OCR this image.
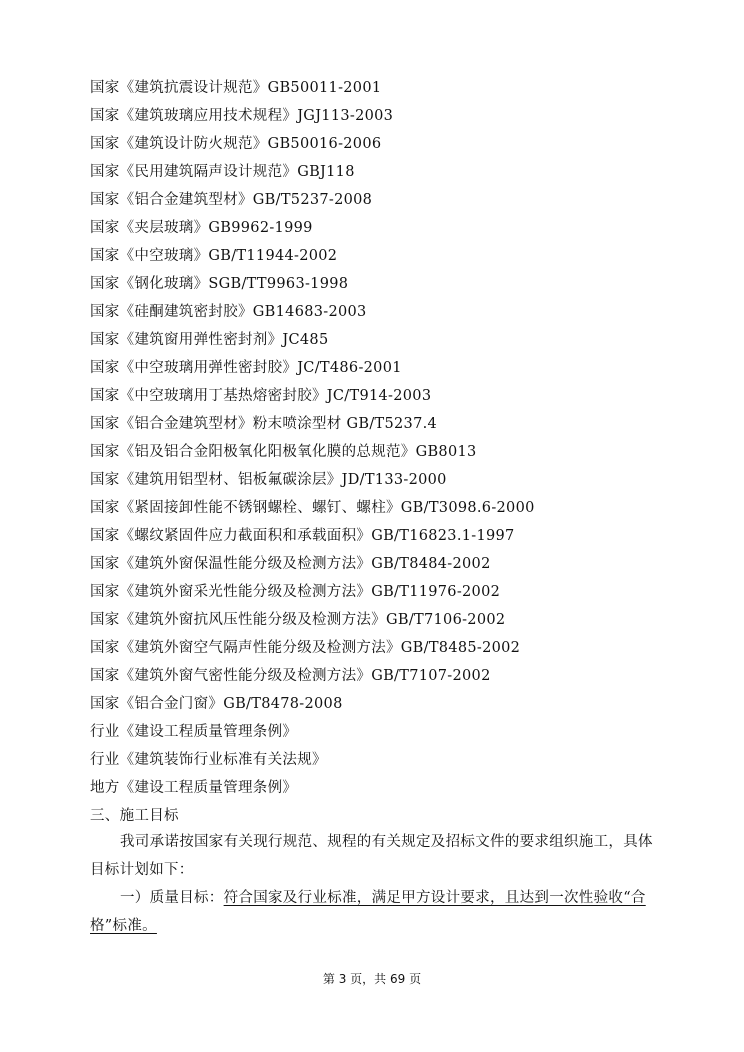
国家《建筑抗震设计规范》GB50011-2001
国家《建筑玻璃应用技术规程》JGJ113-2003
国家《建筑设计防火规范》GB50016-2006
国家《民用建筑隔声设计规范》GBJ118
国家《铝合金建筑型材》GB/T5237-2008
国家《夹层玻璃》GB9962-1999
国家《中空玻璃》GB/T11944-2002
国家《钢化玻璃》SGB/TT9963-1998
国家《硅酮建筑密封胶》GB14683-2003
国家《建筑窗用弹性密封剂》JC485
国家《中空玻璃用弹性密封胶》JC/T486-2001
国家《中空玻璃用丁基热熔密封胶》JC/T914-2003
国家《铝合金建筑型材》粉末喷涂型材 GB/T5237.4
国家《铝及铝合金阳极氧化阳极氧化膜的总规范》GB8013
国家《建筑用铝型材、铝板氟碳涂层》JD/T133-2000
国家《紧固接卸性能不锈钢螺栓、螺钉、螺柱》GB/T3098.6-2000
国家《螺纹紧固件应力截面积和承载面积》GB/T16823.1-1997
国家《建筑外窗保温性能分级及检测方法》GB/T8484-2002
国家《建筑外窗采光性能分级及检测方法》GB/T11976-2002
国家《建筑外窗抗风压性能分级及检测方法》GB/T7106-2002
国家《建筑外窗空气隔声性能分级及检测方法》GB/T8485-2002
国家《建筑外窗气密性能分级及检测方法》GB/T7107-2002
国家《铝合金门窗》GB/T8478-2008
行业《建设工程质量管理条例》
行业《建筑装饰行业标准有关法规》
地方《建设工程质量管理条例》
三、施工目标
我司承诺按国家有关现行规范、规程的有关规定及招标文件的要求组织施工，具体目标计划如下：
一）质量目标：符合国家及行业标准，满足甲方设计要求，且达到一次性验收“合格”标准。
第 3 页，共 69 页
